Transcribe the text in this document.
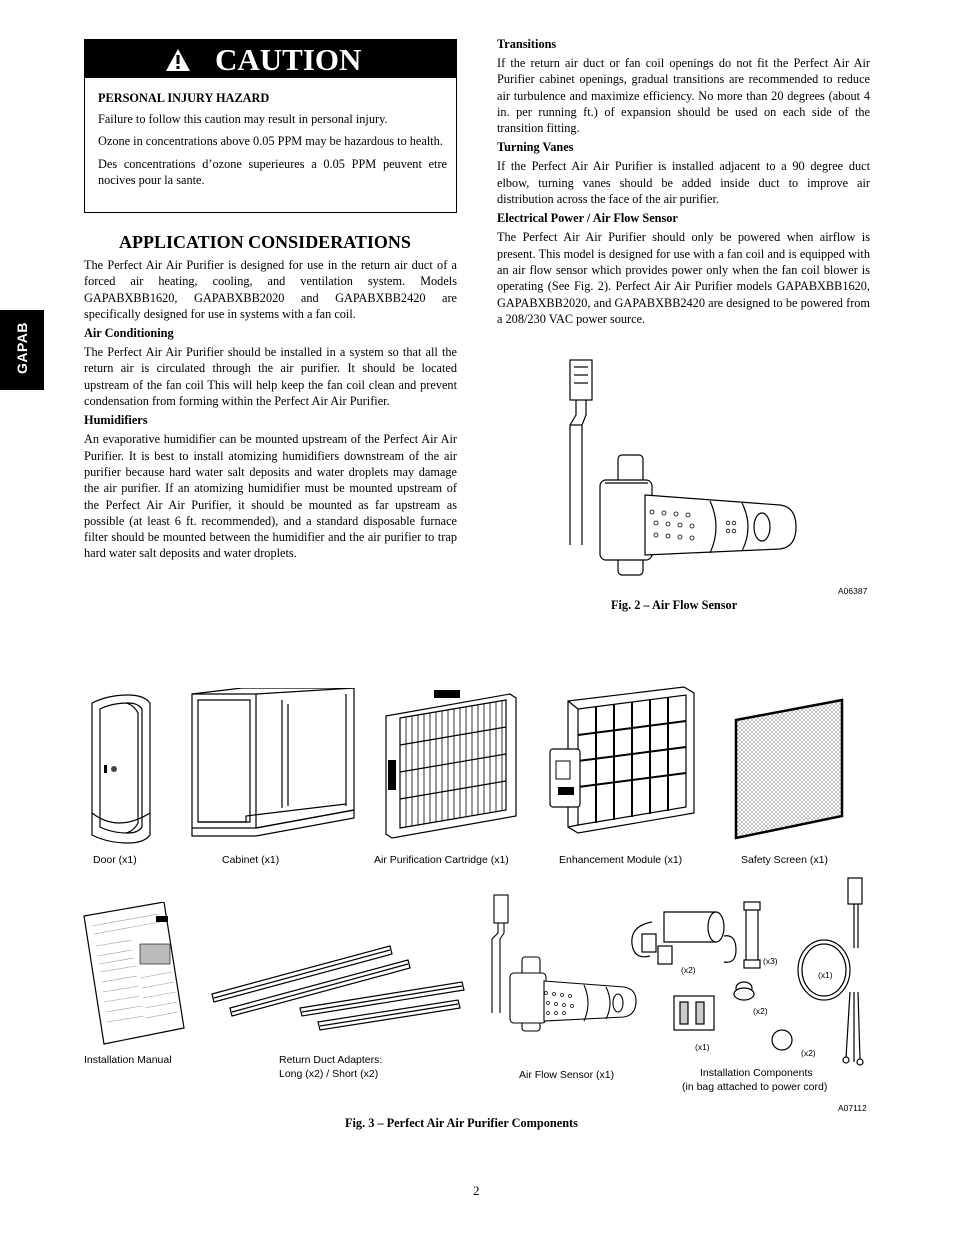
GAPAB
CAUTION
PERSONAL INJURY HAZARD

Failure to follow this caution may result in personal injury.

Ozone in concentrations above 0.05 PPM may be hazardous to health.

Des concentrations d’ozone superieures a 0.05 PPM peuvent etre nocives pour la sante.

APPLICATION CONSIDERATIONS

The Perfect Air Air Purifier is designed for use in the return air duct of a forced air heating, cooling, and ventilation system. Models GAPABXBB1620, GAPABXBB2020 and GAPABXBB2420 are specifically designed for use in systems with a fan coil.

Air Conditioning

The Perfect Air Air Purifier should be installed in a system so that all the return air is circulated through the air purifier. It should be located upstream of the fan coil This will help keep the fan coil clean and prevent condensation from forming within the Perfect Air Air Purifier.

Humidifiers

An evaporative humidifier can be mounted upstream of the Perfect Air Air Purifier. It is best to install atomizing humidifiers downstream of the air purifier because hard water salt deposits and water droplets may damage the air purifier. If an atomizing humidifier must be mounted upstream of the Perfect Air Air Purifier, it should be mounted as far upstream as possible (at least 6 ft. recommended), and a standard disposable furnace filter should be mounted between the humidifier and the air purifier to trap hard water salt deposits and water droplets.

Transitions

If the return air duct or fan coil openings do not fit the Perfect Air Air Purifier cabinet openings, gradual transitions are recommended to reduce air turbulence and maximize efficiency. No more than 20 degrees (about 4 in. per running ft.) of expansion should be used on each side of the transition fitting.

Turning Vanes

If the Perfect Air Air Purifier is installed adjacent to a 90 degree duct elbow, turning vanes should be added inside duct to improve air distribution across the face of the air purifier.

Electrical Power / Air Flow Sensor

The Perfect Air Air Purifier should only be powered when airflow is present. This model is designed for use with a fan coil and is equipped with an air flow sensor which provides power only when the fan coil blower is operating (See Fig. 2). Perfect Air Air Purifier models GAPABXBB1620, GAPABXBB2020, and GAPABXBB2420 are designed to be powered from a 208/230 VAC power source.

A06387
Fig. 2 – Air Flow Sensor
Door (x1)	Cabinet (x1)	Air Purification Cartridge (x1)	Enhancement Module (x1)	Safety Screen (x1)
(x2)
(x3)
(x1)
(x2)
(x1)
(x2)
Installation Manual	Return Duct Adapters:
Long (x2) / Short (x2)	Air Flow Sensor (x1)	Installation Components
(in bag attached to power cord)
A07112
Fig. 3 – Perfect Air Air Purifier Components
2
